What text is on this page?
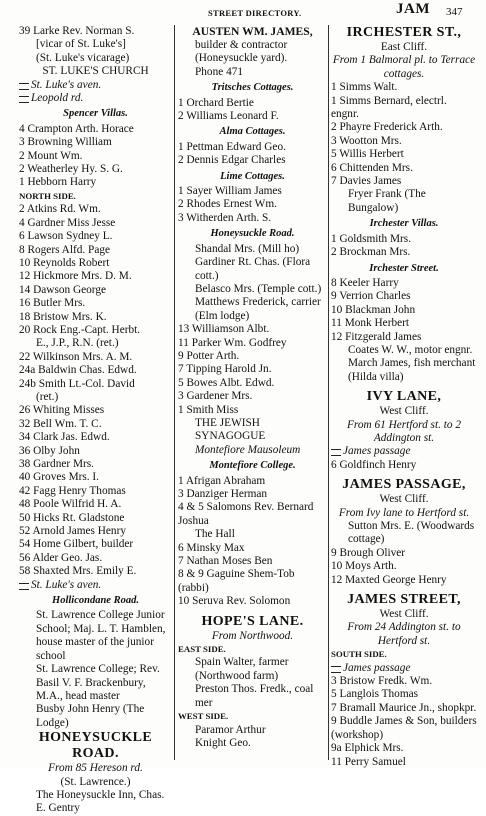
STREET DIRECTORY.	JAM 347
39 Larke Rev. Norman S.
[vicar of St. Luke's]
(St. Luke's vicarage)
ST. LUKE'S CHURCH
St. Luke's aven.
Leopold rd.
Spencer Villas.
4 Crampton Arth. Horace
3 Browning William
2 Mount Wm.
2 Weatherley Hy. S. G.
1 Hebborn Harry
NORTH SIDE.
2 Atkins Rd. Wm.
4 Gardner Miss Jesse
6 Lawson Sydney L.
8 Rogers Alfd. Page
10 Reynolds Robert
12 Hickmore Mrs. D. M.
14 Dawson George
16 Butler Mrs.
18 Bristow Mrs. K.
20 Rock Eng.-Capt. Herbt.
E., J.P., R.N. (ret.)
22 Wilkinson Mrs. A. M.
24a Baldwin Chas. Edwd.
24b Smith Lt.-Col. David
(ret.)
26 Whiting Misses
32 Bell Wm. T. C.
34 Clark Jas. Edwd.
36 Olby John
38 Gardner Mrs.
40 Groves Mrs. I.
42 Fagg Henry Thomas
48 Poole Wilfrid H. A.
50 Hicks Rt. Gladstone
52 Arnold James Henry
54 Home Gilbert, builder
56 Alder Geo. Jas.
58 Shaxted Mrs. Emily E.
St. Luke's aven.
Hollicondane Road.
St. Lawrence College Junior School; Maj. L. T. Hamblen, house master of the junior school
St. Lawrence College; Rev. Basil V. F. Brackenbury, M.A., head master
Busby John Henry (The Lodge)
HONEYSUCKLE ROAD.
From 85 Hereson rd.
(St. Lawrence.)
The Honeysuckle Inn, Chas. E. Gentry
AUSTEN WM. JAMES,
builder & contractor
(Honeysuckle yard).
Phone 471
Tritsches Cottages.
1 Orchard Bertie
2 Williams Leonard F.
Alma Cottages.
1 Pettman Edward Geo.
2 Dennis Edgar Charles
Lime Cottages.
1 Sayer William James
2 Rhodes Ernest Wm.
3 Witherden Arth. S.
Honeysuckle Road.
Shandal Mrs. (Mill ho)
Gardiner Rt. Chas. (Flora cott.)
Belasco Mrs. (Temple cott.)
Matthews Frederick, carrier (Elm lodge)
13 Williamson Albt.
11 Parker Wm. Godfrey
9 Potter Arth.
7 Tipping Harold Jn.
5 Bowes Albt. Edwd.
3 Gardener Mrs.
1 Smith Miss
THE JEWISH SYNAGOGUE
Montefiore Mausoleum
Montefiore College.
1 Afrigan Abraham
3 Danziger Herman
4 & 5 Salomons Rev. Bernard Joshua
The Hall
6 Minsky Max
7 Nathan Moses Ben
8 & 9 Gaguine Shem-Tob (rabbi)
10 Seruva Rev. Solomon
HOPE'S LANE.
From Northwood.
EAST SIDE.
Spain Walter, farmer (Northwood farm)
Preston Thos. Fredk., coal mer
WEST SIDE.
Paramor Arthur
Knight Geo.
IRCHESTER ST.,
East Cliff.
From 1 Balmoral pl. to Terrace cottages.
1 Simms Walt.
1 Simms Bernard, electrl. engnr.
2 Phayre Frederick Arth.
3 Wootton Mrs.
5 Willis Herbert
6 Chittenden Mrs.
7 Davies James
Fryer Frank (The Bungalow)
Irchester Villas.
1 Goldsmith Mrs.
2 Brockman Mrs.
Irchester Street.
8 Keeler Harry
9 Verrion Charles
10 Blackman John
11 Monk Herbert
12 Fitzgerald James
Coates W. W., motor engnr.
March James, fish merchant (Hilda villa)
IVY LANE,
West Cliff.
From 61 Hertford st. to 2 Addington st.
James passage
6 Goldfinch Henry
JAMES PASSAGE,
West Cliff.
From Ivy lane to Hertford st.
Sutton Mrs. E. (Woodwards cottage)
9 Brough Oliver
10 Moys Arth.
12 Maxted George Henry
JAMES STREET,
West Cliff.
From 24 Addington st. to Hertford st.
SOUTH SIDE.
James passage
3 Bristow Fredk. Wm.
5 Langlois Thomas
7 Bramall Maurice Jn., shopkpr.
9 Buddle James & Son, builders (workshop)
9a Elphick Mrs.
11 Perry Samuel
